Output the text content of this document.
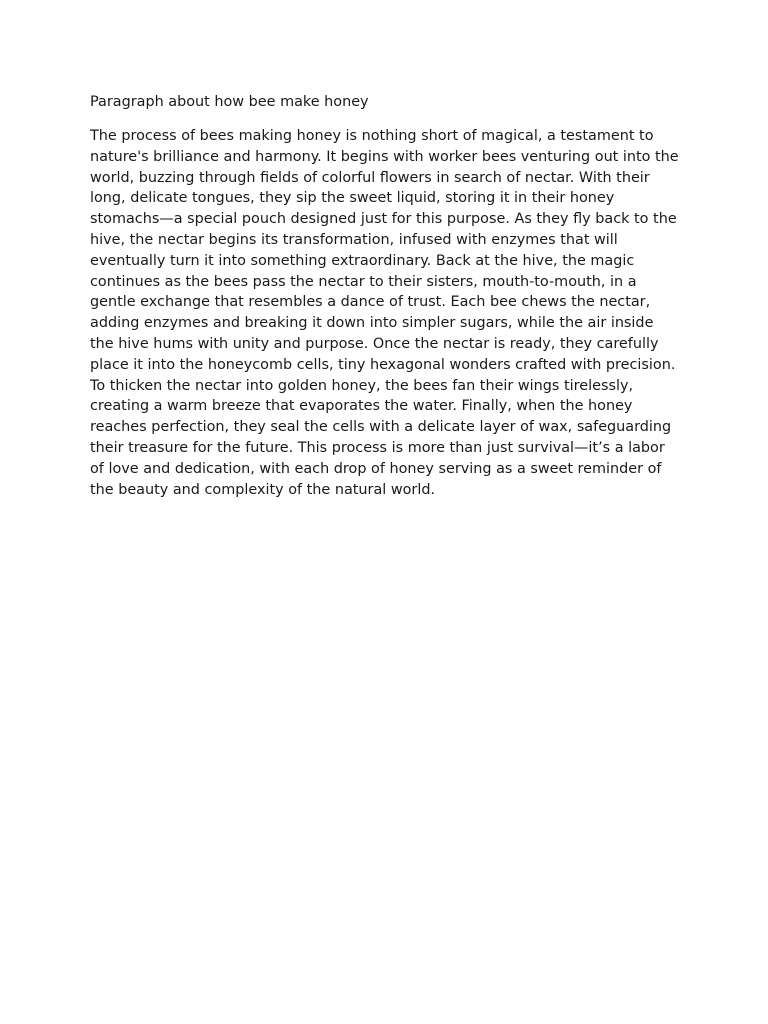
Paragraph about how bee make honey

The process of bees making honey is nothing short of magical, a testament to nature's brilliance and harmony. It begins with worker bees venturing out into the world, buzzing through fields of colorful flowers in search of nectar. With their long, delicate tongues, they sip the sweet liquid, storing it in their honey stomachs—a special pouch designed just for this purpose. As they fly back to the hive, the nectar begins its transformation, infused with enzymes that will eventually turn it into something extraordinary. Back at the hive, the magic continues as the bees pass the nectar to their sisters, mouth-to-mouth, in a gentle exchange that resembles a dance of trust. Each bee chews the nectar, adding enzymes and breaking it down into simpler sugars, while the air inside the hive hums with unity and purpose. Once the nectar is ready, they carefully place it into the honeycomb cells, tiny hexagonal wonders crafted with precision. To thicken the nectar into golden honey, the bees fan their wings tirelessly, creating a warm breeze that evaporates the water. Finally, when the honey reaches perfection, they seal the cells with a delicate layer of wax, safeguarding their treasure for the future. This process is more than just survival—it’s a labor of love and dedication, with each drop of honey serving as a sweet reminder of the beauty and complexity of the natural world.
